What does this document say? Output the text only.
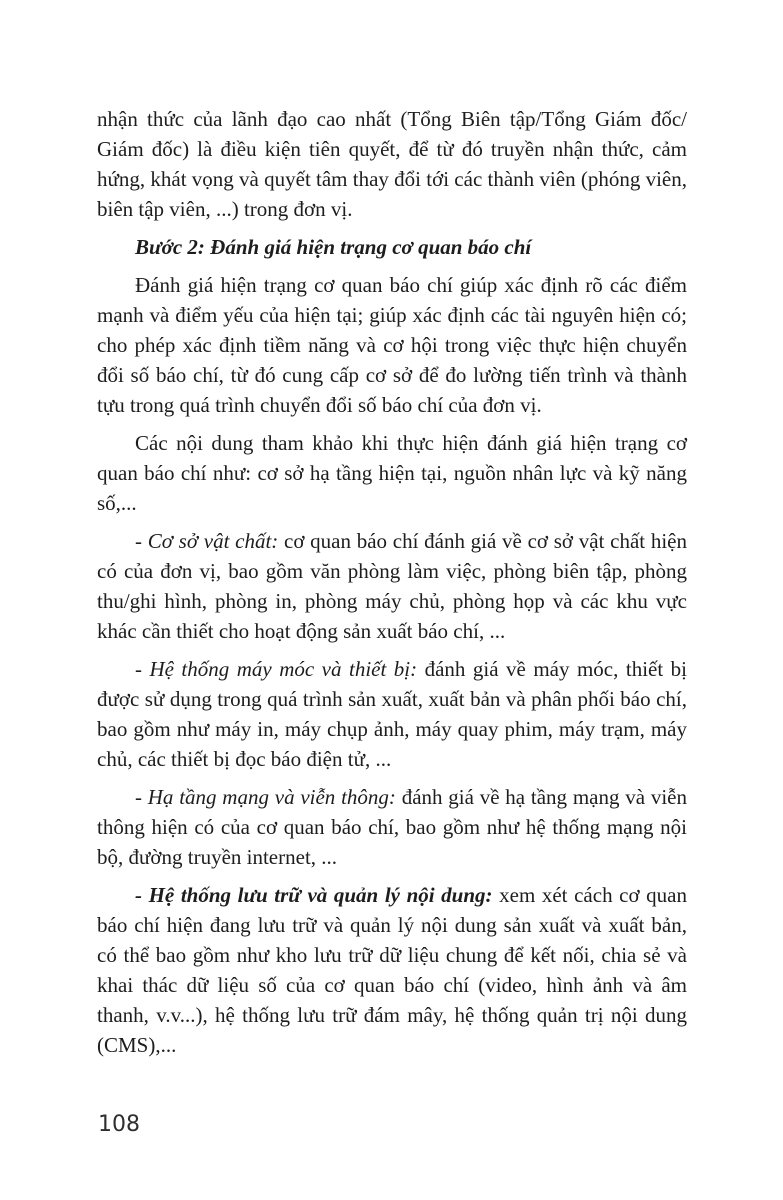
nhận thức của lãnh đạo cao nhất (Tổng Biên tập/Tổng Giám đốc/ Giám đốc) là điều kiện tiên quyết, để từ đó truyền nhận thức, cảm hứng, khát vọng và quyết tâm thay đổi tới các thành viên (phóng viên, biên tập viên, ...) trong đơn vị.

Bước 2: Đánh giá hiện trạng cơ quan báo chí

Đánh giá hiện trạng cơ quan báo chí giúp xác định rõ các điểm mạnh và điểm yếu của hiện tại; giúp xác định các tài nguyên hiện có; cho phép xác định tiềm năng và cơ hội trong việc thực hiện chuyển đổi số báo chí, từ đó cung cấp cơ sở để đo lường tiến trình và thành tựu trong quá trình chuyển đổi số báo chí của đơn vị.

Các nội dung tham khảo khi thực hiện đánh giá hiện trạng cơ quan báo chí như: cơ sở hạ tầng hiện tại, nguồn nhân lực và kỹ năng số,...

- Cơ sở vật chất: cơ quan báo chí đánh giá về cơ sở vật chất hiện có của đơn vị, bao gồm văn phòng làm việc, phòng biên tập, phòng thu/ghi hình, phòng in, phòng máy chủ, phòng họp và các khu vực khác cần thiết cho hoạt động sản xuất báo chí, ...

- Hệ thống máy móc và thiết bị: đánh giá về máy móc, thiết bị được sử dụng trong quá trình sản xuất, xuất bản và phân phối báo chí, bao gồm như máy in, máy chụp ảnh, máy quay phim, máy trạm, máy chủ, các thiết bị đọc báo điện tử, ...

- Hạ tầng mạng và viễn thông: đánh giá về hạ tầng mạng và viễn thông hiện có của cơ quan báo chí, bao gồm như hệ thống mạng nội bộ, đường truyền internet, ...

- Hệ thống lưu trữ và quản lý nội dung: xem xét cách cơ quan báo chí hiện đang lưu trữ và quản lý nội dung sản xuất và xuất bản, có thể bao gồm như kho lưu trữ dữ liệu chung để kết nối, chia sẻ và khai thác dữ liệu số của cơ quan báo chí (video, hình ảnh và âm thanh, v.v...), hệ thống lưu trữ đám mây, hệ thống quản trị nội dung (CMS),...

108
